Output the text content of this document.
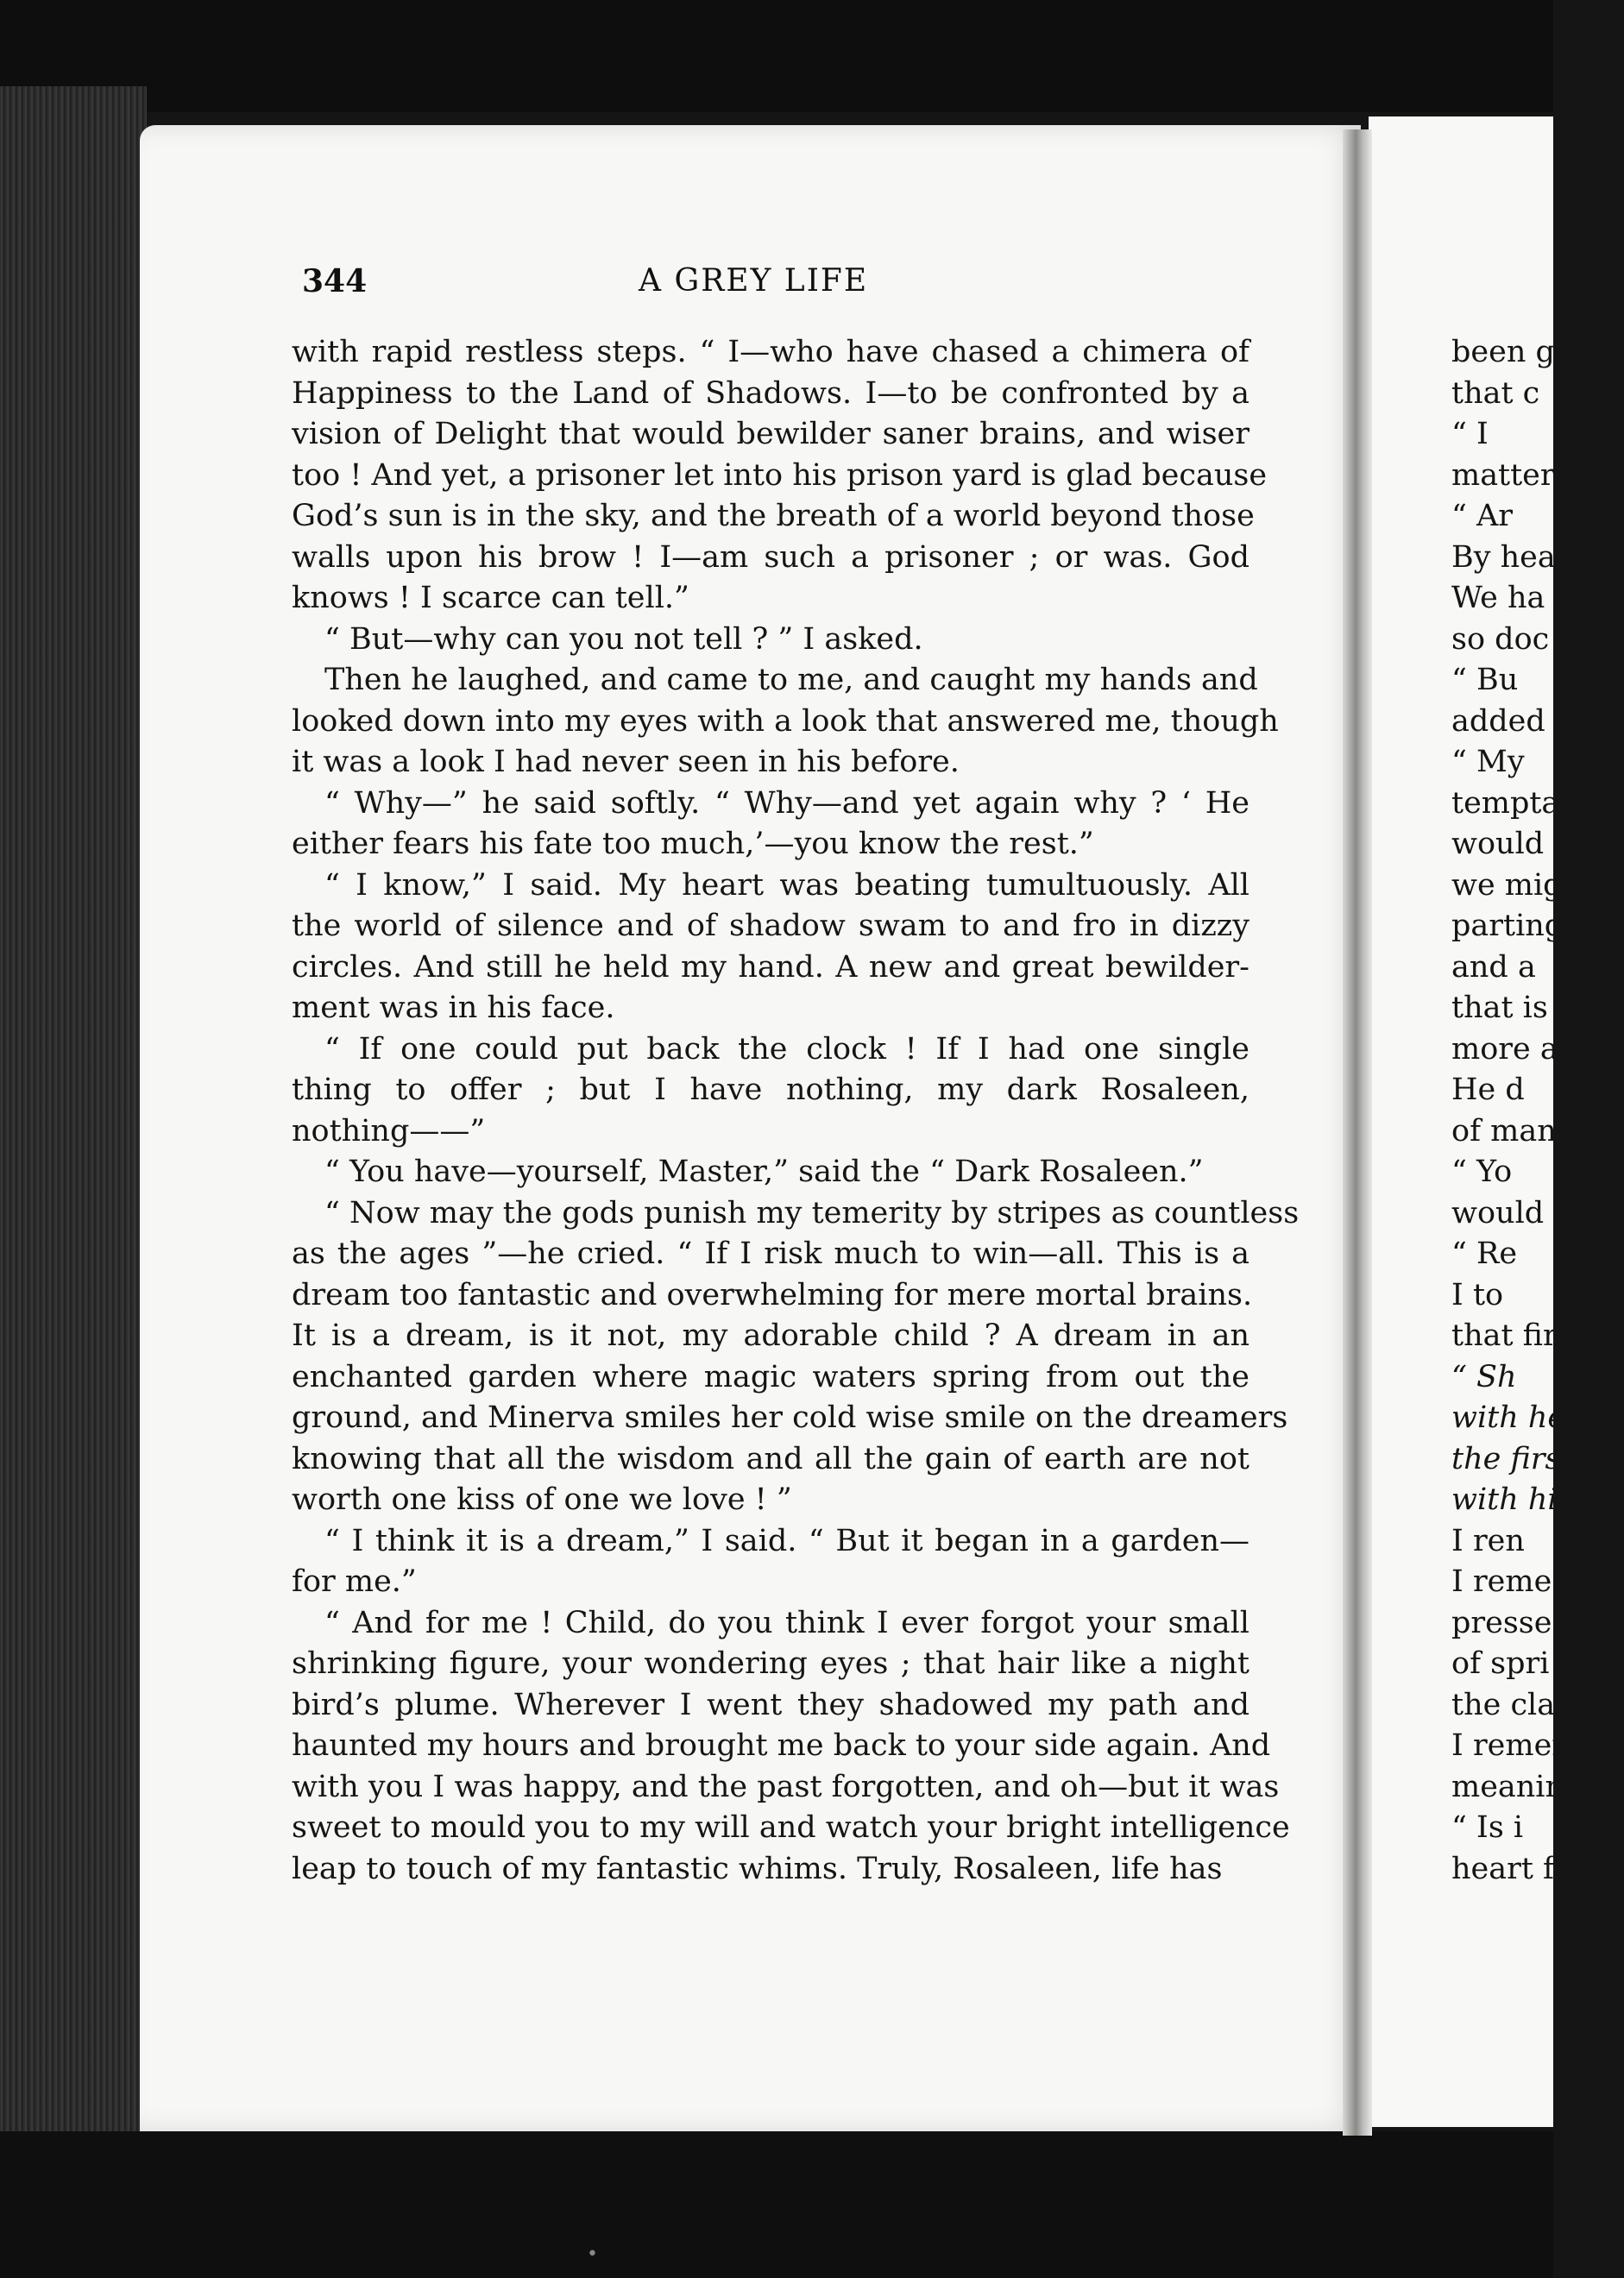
been g
that c
“ I
matter
“ Ar
By hea
We ha
so doc
“ Bu
added
“ My
tempta
would
we mig
parting
and a
that is
more a
He d
of man
“ Yo
would
“ Re
I to
that fir
“ Sh
with he
the first
with hi
I ren
I reme
pressed
of spri
the cla
I remer
meanin
“ Is i
heart fo
344	A GREY LIFE
with rapid restless steps. “ I—who have chased a chimera of
Happiness to the Land of Shadows. I—to be confronted by a
vision of Delight that would bewilder saner brains, and wiser
too ! And yet, a prisoner let into his prison yard is glad because
God’s sun is in the sky, and the breath of a world beyond those
walls upon his brow ! I—am such a prisoner ; or was. God
knows ! I scarce can tell.”
“ But—why can you not tell ? ” I asked.
Then he laughed, and came to me, and caught my hands and
looked down into my eyes with a look that answered me, though
it was a look I had never seen in his before.
“ Why—” he said softly. “ Why—and yet again why ? ‘ He
either fears his fate too much,’—you know the rest.”
“ I know,” I said. My heart was beating tumultuously. All
the world of silence and of shadow swam to and fro in dizzy
circles. And still he held my hand. A new and great bewilder-
ment was in his face.
“ If one could put back the clock ! If I had one single
thing to offer ; but I have nothing, my dark Rosaleen,
nothing——”
“ You have—yourself, Master,” said the “ Dark Rosaleen.”
“ Now may the gods punish my temerity by stripes as countless
as the ages ”—he cried. “ If I risk much to win—all. This is a
dream too fantastic and overwhelming for mere mortal brains.
It is a dream, is it not, my adorable child ? A dream in an
enchanted garden where magic waters spring from out the
ground, and Minerva smiles her cold wise smile on the dreamers
knowing that all the wisdom and all the gain of earth are not
worth one kiss of one we love ! ”
“ I think it is a dream,” I said. “ But it began in a garden—
for me.”
“ And for me ! Child, do you think I ever forgot your small
shrinking figure, your wondering eyes ; that hair like a night
bird’s plume. Wherever I went they shadowed my path and
haunted my hours and brought me back to your side again. And
with you I was happy, and the past forgotten, and oh—but it was
sweet to mould you to my will and watch your bright intelligence
leap to touch of my fantastic whims. Truly, Rosaleen, life has
•
